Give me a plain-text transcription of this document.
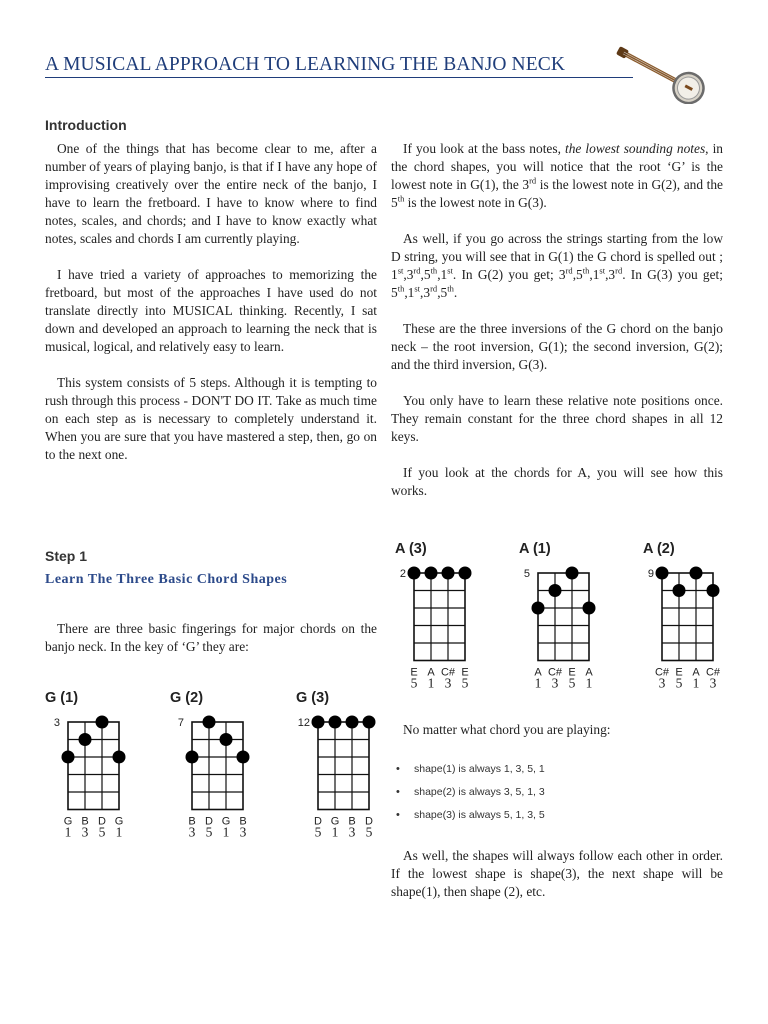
A MUSICAL APPROACH TO LEARNING THE BANJO NECK
Introduction

One of the things that has become clear to me, after a number of years of playing banjo, is that if I have any hope of improvising creatively over the entire neck of the banjo, I have to learn the fretboard. I have to know where to find notes, scales, and chords; and I have to know exactly what notes, scales and chords I am currently playing.

I have tried a variety of approaches to memorizing the fretboard, but most of the approaches I have used do not translate directly into MUSICAL thinking. Recently, I sat down and developed an approach to learning the neck that is musical, logical, and relatively easy to learn.

This system consists of 5 steps. Although it is tempting to rush through this process - DON'T DO IT. Take as much time on each step as is necessary to completely understand it. When you are sure that you have mastered a step, then, go on to the next one.

If you look at the bass notes, the lowest sounding notes, in the chord shapes, you will notice that the root ‘G’ is the lowest note in G(1), the 3rd is the lowest note in G(2), and the 5th is the lowest note in G(3).

As well, if you go across the strings starting from the low D string, you will see that in G(1) the G chord is spelled out ; 1st,3rd,5th,1st. In G(2) you get; 3rd,5th,1st,3rd. In G(3) you get; 5th,1st,3rd,5th.

These are the three inversions of the G chord on the banjo neck – the root inversion, G(1); the second inversion, G(2); and the third inversion, G(3).

You only have to learn these relative note positions once. They remain constant for the three chord shapes in all 12 keys.

If you look at the chords for A, you will see how this works.

Step 1
Learn The Three Basic Chord Shapes

There are three basic fingerings for major chords on the banjo neck. In the key of ‘G’ they are:

G (1)
3
G B D G
1 3 5 1
G (2)
7
B D G B
3 5 1 3
G (3)
12
D G B D
5 1 3 5
A (3)
2
E A C# E
5 1 3 5
A (1)
5
A C# E A
1 3 5 1
A (2)
9
C# E A C#
3 5 1 3
No matter what chord you are playing:
• shape(1) is always 1, 3, 5, 1
• shape(2) is always 3, 5, 1, 3
• shape(3) is always 5, 1, 3, 5

As well, the shapes will always follow each other in order. If the lowest shape is shape(3), the next shape will be shape(1), then shape (2), etc.
